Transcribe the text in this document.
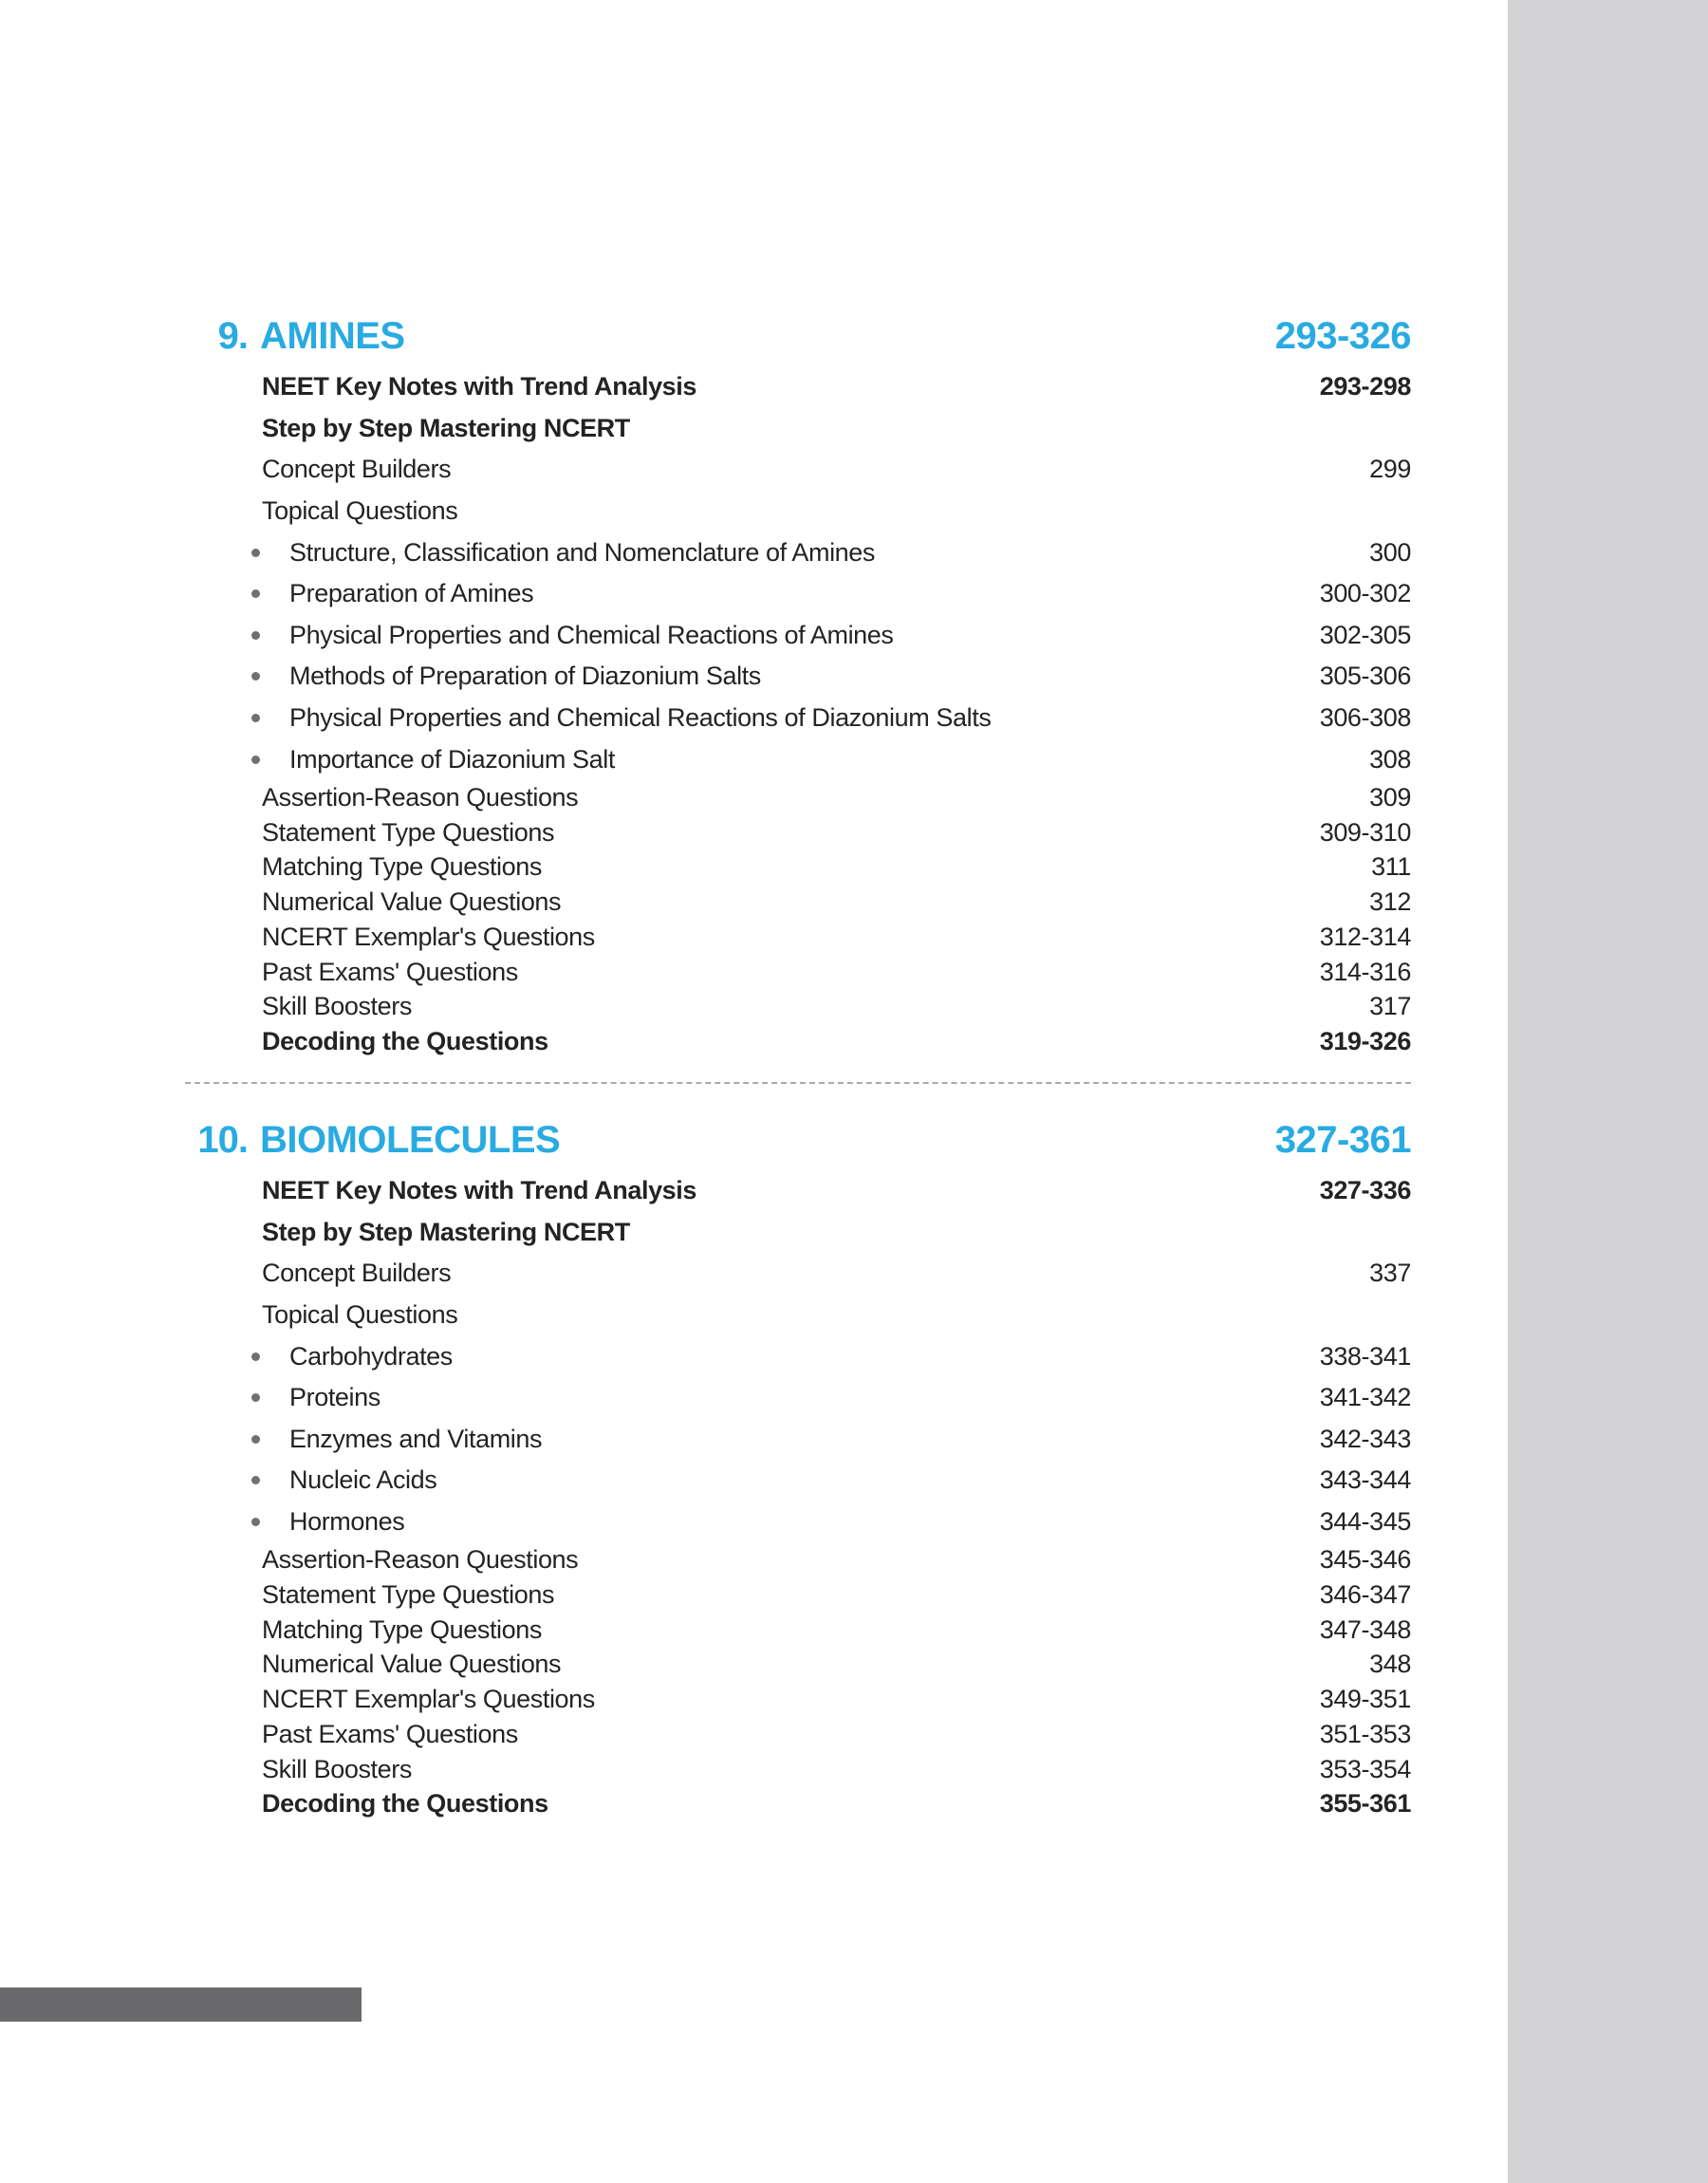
9. AMINES	293-326
NEET Key Notes with Trend Analysis	293-298
Step by Step Mastering NCERT
Concept Builders	299
Topical Questions
Structure, Classification and Nomenclature of Amines	300
Preparation of Amines	300-302
Physical Properties and Chemical Reactions of Amines	302-305
Methods of Preparation of Diazonium Salts	305-306
Physical Properties and Chemical Reactions of Diazonium Salts	306-308
Importance of Diazonium Salt	308
Assertion-Reason Questions	309
Statement Type Questions	309-310
Matching Type Questions	311
Numerical Value Questions	312
NCERT Exemplar's Questions	312-314
Past Exams' Questions	314-316
Skill Boosters	317
Decoding the Questions	319-326
10. BIOMOLECULES	327-361
NEET Key Notes with Trend Analysis	327-336
Step by Step Mastering NCERT
Concept Builders	337
Topical Questions
Carbohydrates	338-341
Proteins	341-342
Enzymes and Vitamins	342-343
Nucleic Acids	343-344
Hormones	344-345
Assertion-Reason Questions	345-346
Statement Type Questions	346-347
Matching Type Questions	347-348
Numerical Value Questions	348
NCERT Exemplar's Questions	349-351
Past Exams' Questions	351-353
Skill Boosters	353-354
Decoding the Questions	355-361
